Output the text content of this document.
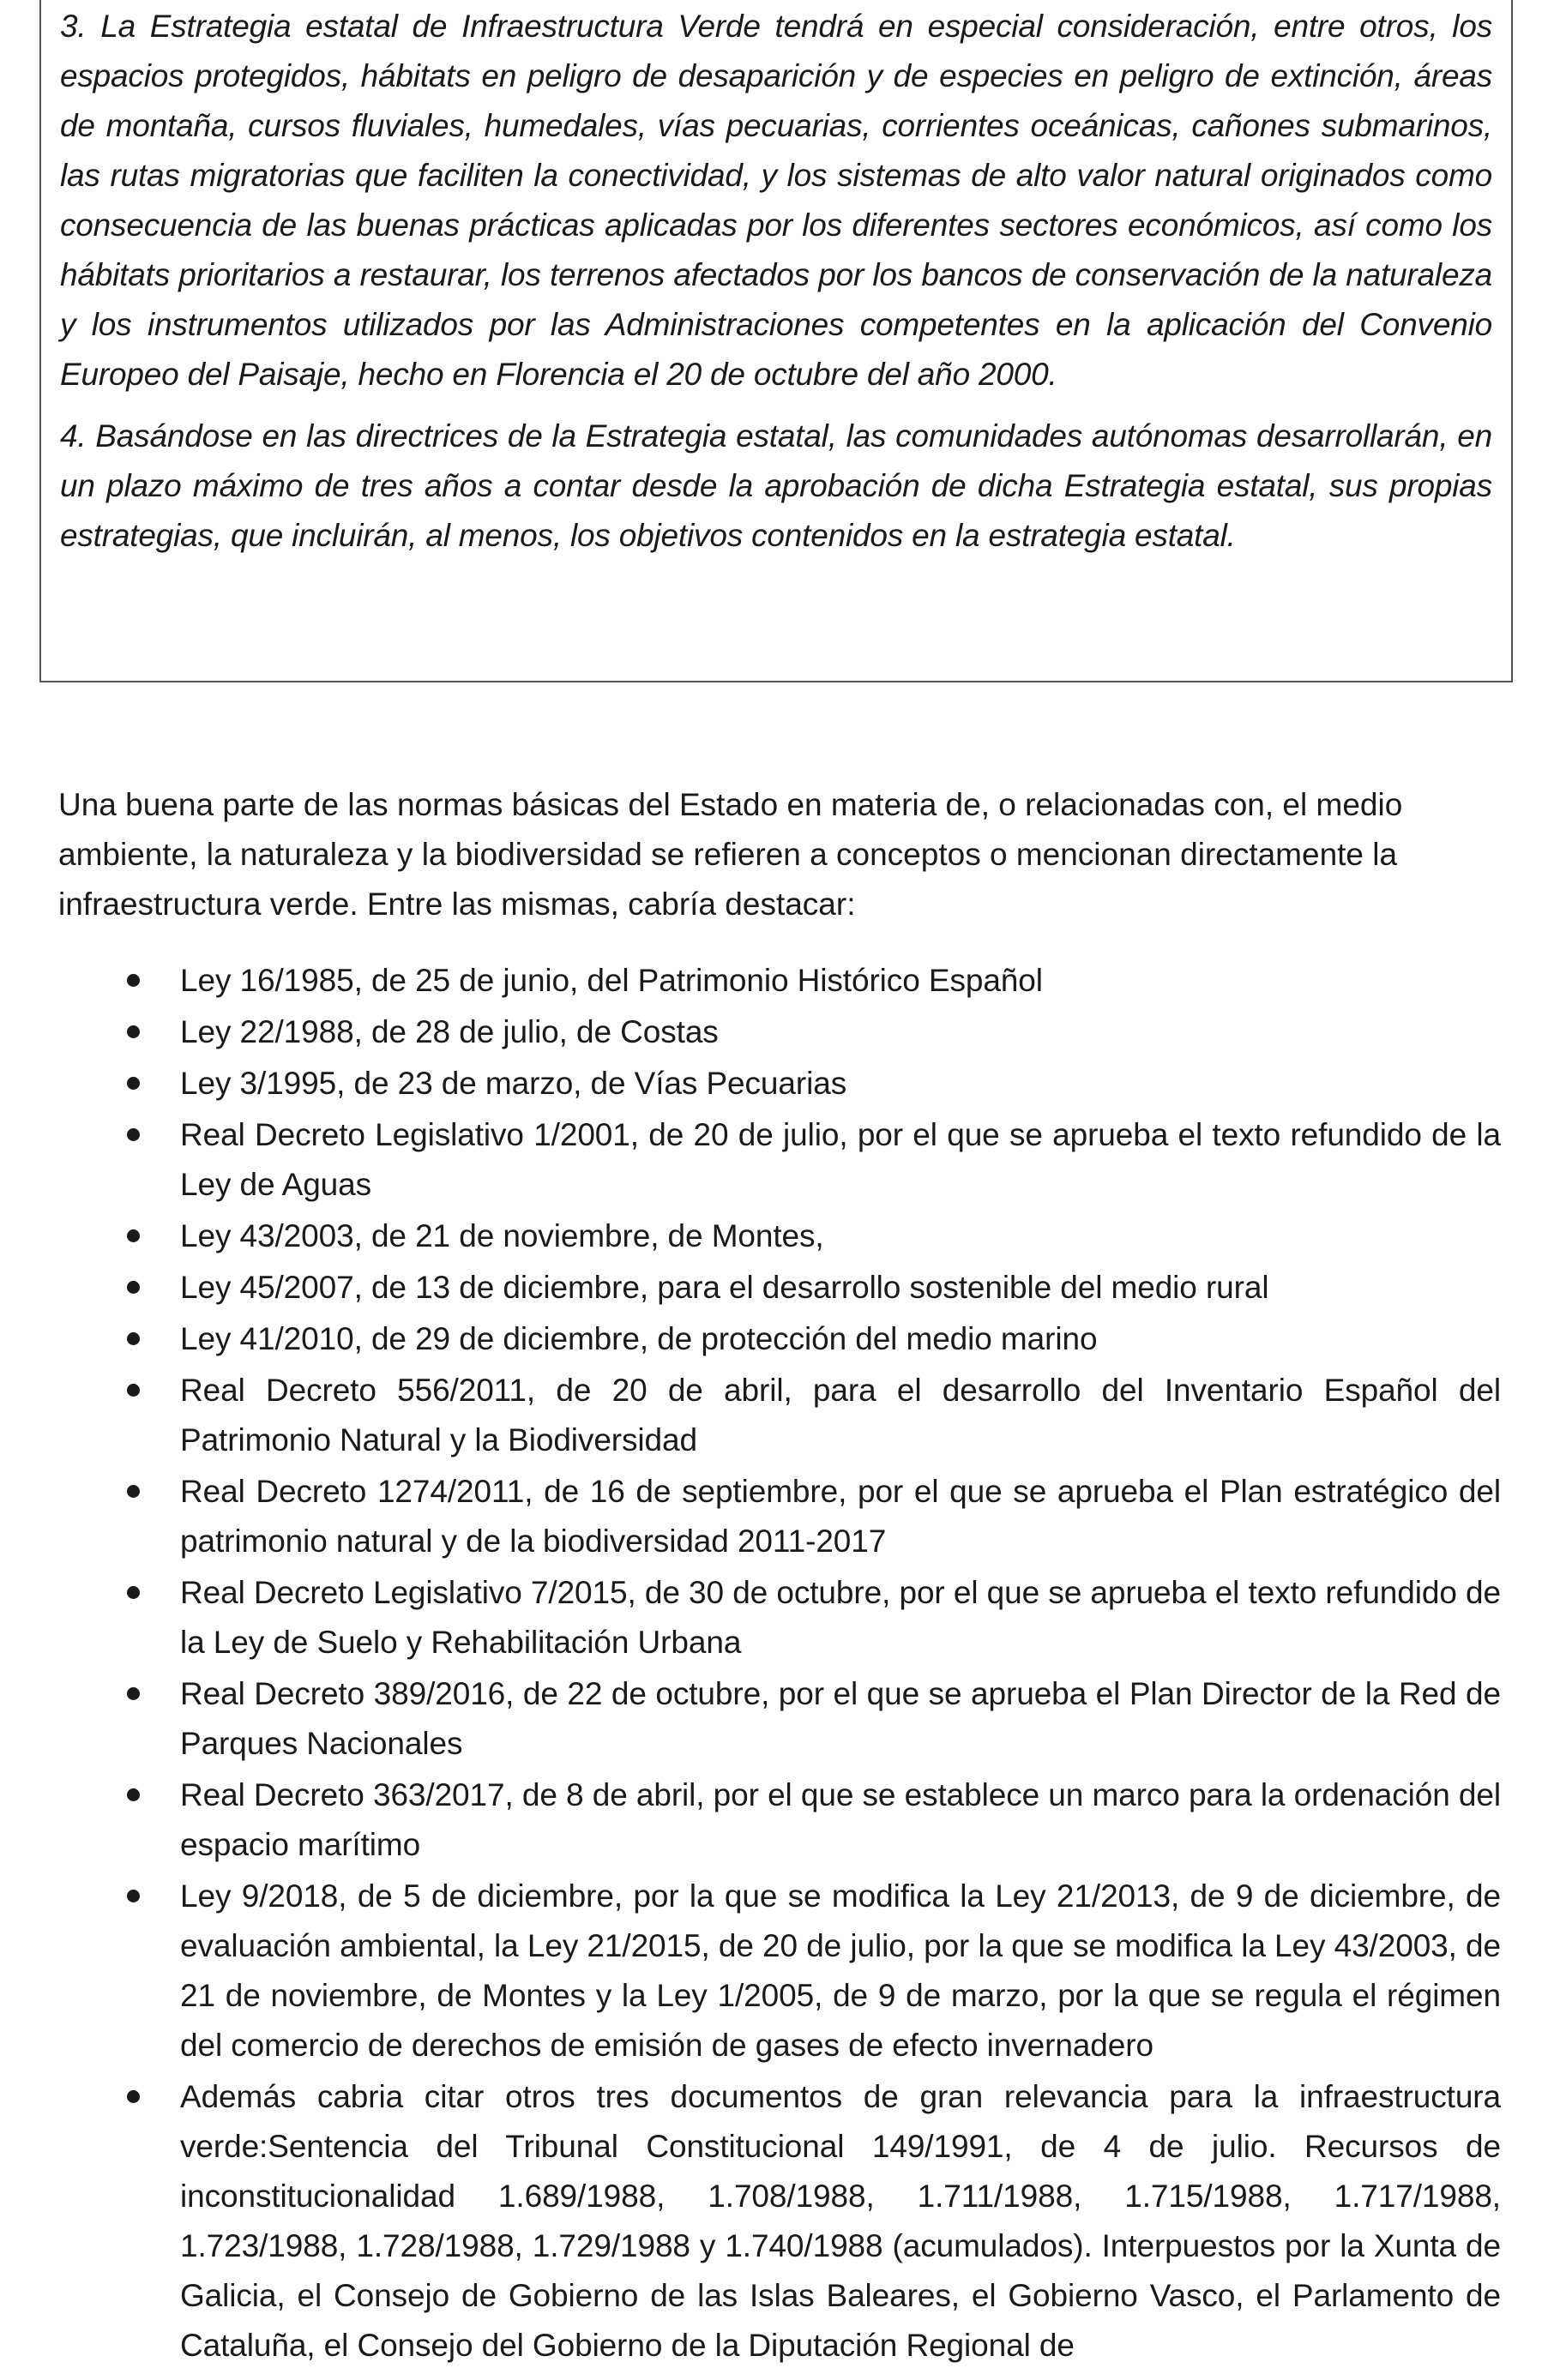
3. La Estrategia estatal de Infraestructura Verde tendrá en especial consideración, entre otros, los espacios protegidos, hábitats en peligro de desaparición y de especies en peligro de extinción, áreas de montaña, cursos fluviales, humedales, vías pecuarias, corrientes oceánicas, cañones submarinos, las rutas migratorias que faciliten la conectividad, y los sistemas de alto valor natural originados como consecuencia de las buenas prácticas aplicadas por los diferentes sectores económicos, así como los hábitats prioritarios a restaurar, los terrenos afectados por los bancos de conservación de la naturaleza y los instrumentos utilizados por las Administraciones competentes en la aplicación del Convenio Europeo del Paisaje, hecho en Florencia el 20 de octubre del año 2000.

4. Basándose en las directrices de la Estrategia estatal, las comunidades autónomas desarrollarán, en un plazo máximo de tres años a contar desde la aprobación de dicha Estrategia estatal, sus propias estrategias, que incluirán, al menos, los objetivos contenidos en la estrategia estatal.

Una buena parte de las normas básicas del Estado en materia de, o relacionadas con, el medio ambiente, la naturaleza y la biodiversidad se refieren a conceptos o mencionan directamente la infraestructura verde. Entre las mismas, cabría destacar:

Ley 16/1985, de 25 de junio, del Patrimonio Histórico Español
Ley 22/1988, de 28 de julio, de Costas
Ley 3/1995, de 23 de marzo, de Vías Pecuarias
Real Decreto Legislativo 1/2001, de 20 de julio, por el que se aprueba el texto refundido de la Ley de Aguas
Ley 43/2003, de 21 de noviembre, de Montes,
Ley 45/2007, de 13 de diciembre, para el desarrollo sostenible del medio rural
Ley 41/2010, de 29 de diciembre, de protección del medio marino
Real Decreto 556/2011, de 20 de abril, para el desarrollo del Inventario Español del Patrimonio Natural y la Biodiversidad
Real Decreto 1274/2011, de 16 de septiembre, por el que se aprueba el Plan estratégico del patrimonio natural y de la biodiversidad 2011-2017
Real Decreto Legislativo 7/2015, de 30 de octubre, por el que se aprueba el texto refundido de la Ley de Suelo y Rehabilitación Urbana
Real Decreto 389/2016, de 22 de octubre, por el que se aprueba el Plan Director de la Red de Parques Nacionales
Real Decreto 363/2017, de 8 de abril, por el que se establece un marco para la ordenación del espacio marítimo
Ley 9/2018, de 5 de diciembre, por la que se modifica la Ley 21/2013, de 9 de diciembre, de evaluación ambiental, la Ley 21/2015, de 20 de julio, por la que se modifica la Ley 43/2003, de 21 de noviembre, de Montes y la Ley 1/2005, de 9 de marzo, por la que se regula el régimen del comercio de derechos de emisión de gases de efecto invernadero
Además cabria citar otros tres documentos de gran relevancia para la infraestructura verde:Sentencia del Tribunal Constitucional 149/1991, de 4 de julio. Recursos de inconstitucionalidad 1.689/1988, 1.708/1988, 1.711/1988, 1.715/1988, 1.717/1988, 1.723/1988, 1.728/1988, 1.729/1988 y 1.740/1988 (acumulados). Interpuestos por la Xunta de Galicia, el Consejo de Gobierno de las Islas Baleares, el Gobierno Vasco, el Parlamento de Cataluña, el Consejo del Gobierno de la Diputación Regional de
